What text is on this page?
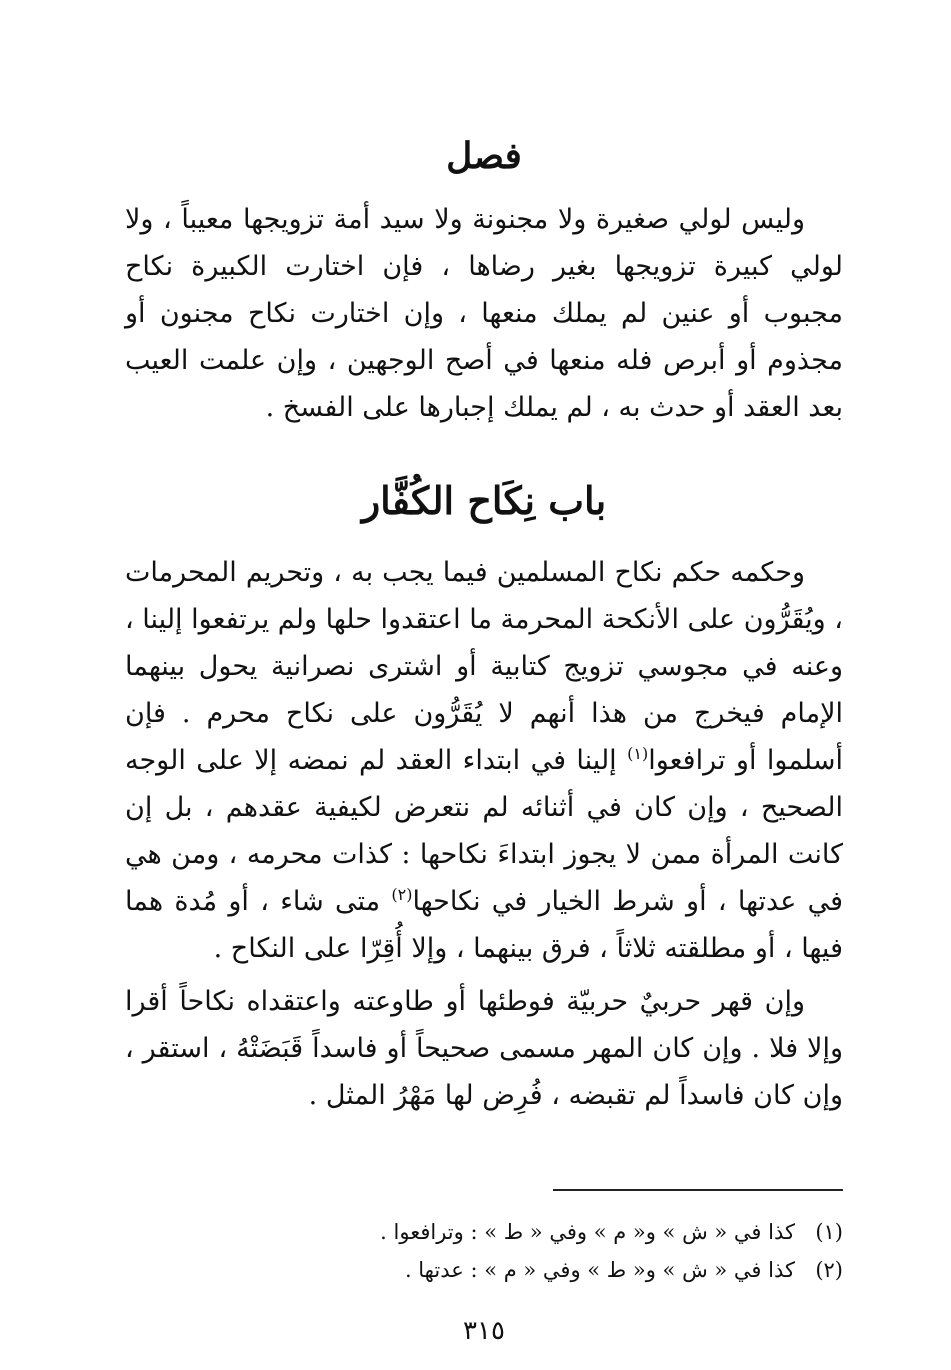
فصل

وليس لولي صغيرة ولا مجنونة ولا سيد أمة تزويجها معيباً ، ولا لولي كبيرة تزويجها بغير رضاها ، فإن اختارت الكبيرة نكاح مجبوب أو عنين لم يملك منعها ، وإن اختارت نكاح مجنون أو مجذوم أو أبرص فله منعها في أصح الوجهين ، وإن علمت العيب بعد العقد أو حدث به ، لم يملك إجبارها على الفسخ .

باب نِكَاح الكُفَّار

وحكمه حكم نكاح المسلمين فيما يجب به ، وتحريم المحرمات ، ويُقَرُّون على الأنكحة المحرمة ما اعتقدوا حلها ولم يرتفعوا إلينا ، وعنه في مجوسي تزويج كتابية أو اشترى نصرانية يحول بينهما الإمام فيخرج من هذا أنهم لا يُقَرُّون على نكاح محرم . فإن أسلموا أو ترافعوا$^{(١)}$ إلينا في ابتداء العقد لم نمضه إلا على الوجه الصحيح ، وإن كان في أثنائه لم نتعرض لكيفية عقدهم ، بل إن كانت المرأة ممن لا يجوز ابتداءَ نكاحها : كذات محرمه ، ومن هي في عدتها ، أو شرط الخيار في نكاحها$^{(٢)}$ متى شاء ، أو مُدة هما فيها ، أو مطلقته ثلاثاً ، فرق بينهما ، وإلا أُقِرّا على النكاح .

وإن قهر حربيٌ حربيّة فوطئها أو طاوعته واعتقداه نكاحاً أقرا وإلا فلا . وإن كان المهر مسمى صحيحاً أو فاسداً قَبَضَتْهُ ، استقر ، وإن كان فاسداً لم تقبضه ، فُرِض لها مَهْرُ المثل .

(١)
كذا في « ش » و« م » وفي « ط » : وترافعوا .
(٢)
كذا في « ش » و« ط » وفي « م » : عدتها .
٣١٥
